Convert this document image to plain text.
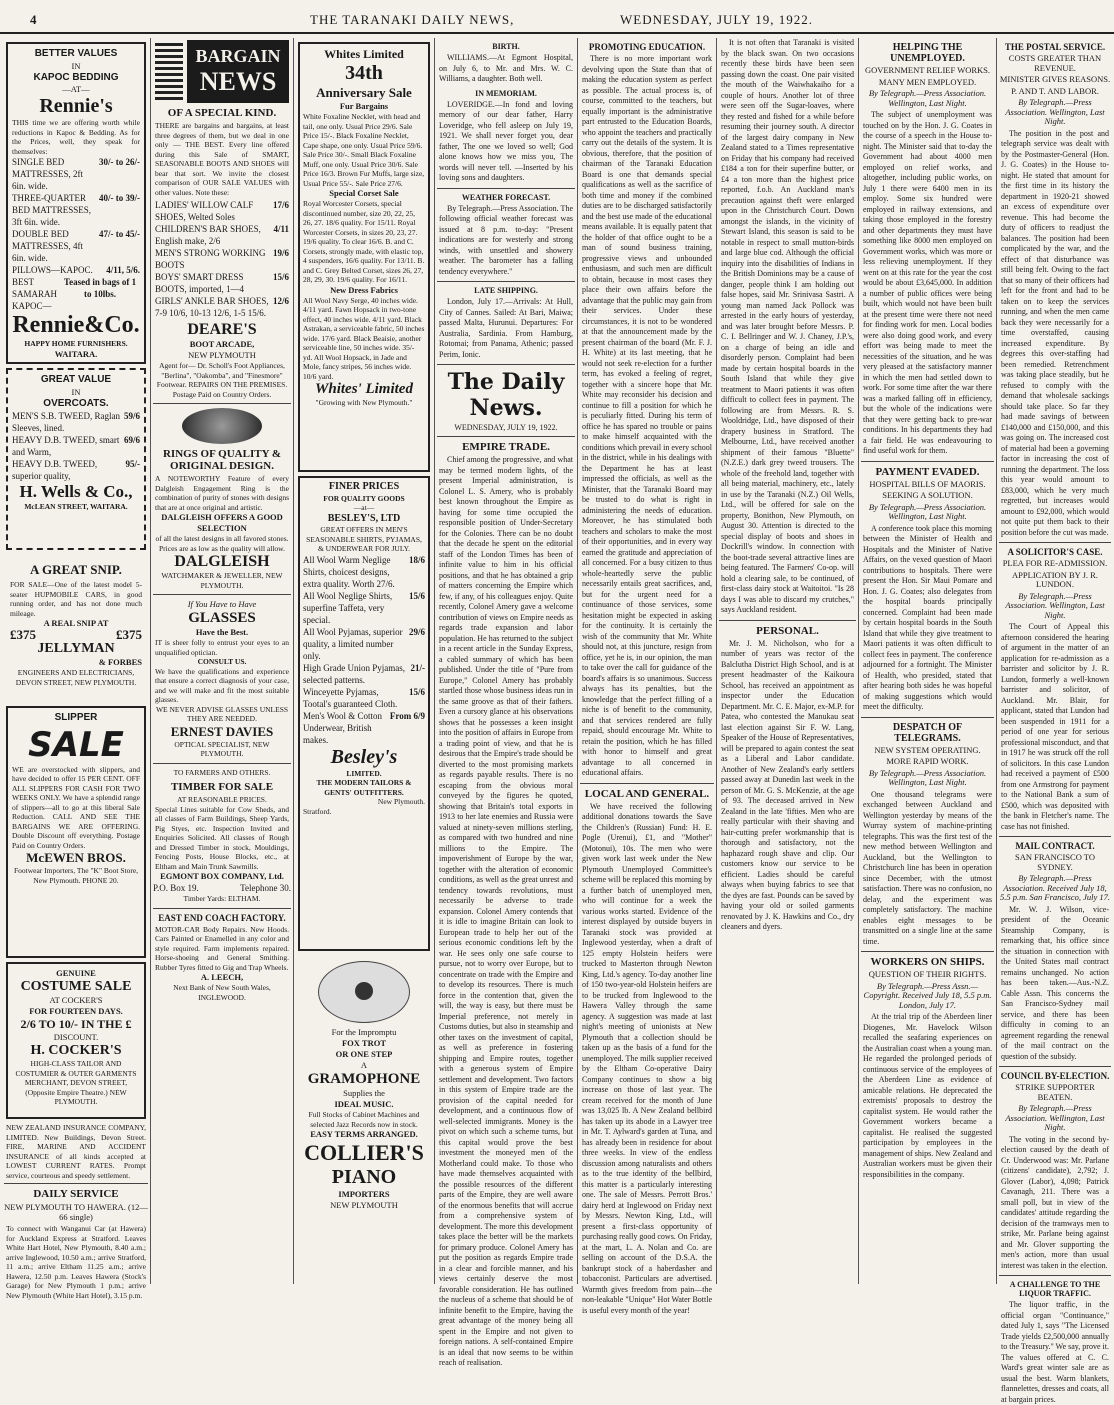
4	THE TARANAKI DAILY NEWS,	WEDNESDAY, JULY 19, 1922.
BETTER VALUES
IN
KAPOC BEDDING
—AT—
Rennie's
THIS time we are offering worth while reductions in Kapoc & Bedding. As for the Prices, well, they speak for themselves:
SINGLE BED MATTRESSES, 2ft 6in. wide.
30/- to 26/-
THREE-QUARTER BED MATTRESSES, 3ft 6in. wide.
40/- to 39/-
DOUBLE BED MATTRESSES, 4ft 6in. wide.
47/- to 45/-
PILLOWS—KAPOC.	4/11, 5/6.
BEST SAMARAH KAPOC—
Teased in bags of 1 to 10lbs.
Rennie&Co.
HAPPY HOME FURNISHERS.
WAITARA.
GREAT VALUE
IN
OVERCOATS.
MEN'S S.B. TWEED, Raglan Sleeves, lined.
59/6
HEAVY D.B. TWEED, smart and Warm,
69/6
HEAVY D.B. TWEED, superior quality,
95/-
H. Wells & Co.,
McLEAN STREET, WAITARA.
A GREAT SNIP.
FOR SALE—One of the latest model 5-seater HUPMOBILE CARS, in good running order, and has not done much mileage.
A REAL SNIP AT
£375	£375
JELLYMAN
& FORBES
ENGINEERS AND ELECTRICIANS, DEVON STREET, NEW PLYMOUTH.
SLIPPER
SALE
WE are overstocked with slippers, and have decided to offer 15 PER CENT. OFF ALL SLIPPERS FOR CASH FOR TWO WEEKS ONLY. We have a splendid range of slippers—all to go at this liberal Sale Reduction. CALL AND SEE THE BARGAINS WE ARE OFFERING. Double Discount off everything. Postage Paid on Country Orders.
McEWEN BROS.
Footwear Importers, The "K" Boot Store, New Plymouth. PHONE 20.
GENUINE
COSTUME SALE
AT COCKER'S
FOR FOURTEEN DAYS.
2/6 TO 10/- IN THE £
DISCOUNT.
H. COCKER'S
HIGH-CLASS TAILOR AND COSTUMIER & OUTER GARMENTS MERCHANT, DEVON STREET, (Opposite Empire Theatre.) NEW PLYMOUTH.
NEW ZEALAND INSURANCE COMPANY, LIMITED. New Buildings, Devon Street. FIRE, MARINE AND ACCIDENT INSURANCE of all kinds accepted at LOWEST CURRENT RATES. Prompt service, courteous and speedy settlement.
DAILY SERVICE
NEW PLYMOUTH TO HAWERA. (12—66 single)
To connect with Wanganui Car (at Hawera) for Auckland Express at Stratford. Leaves White Hart Hotel, New Plymouth, 8.40 a.m.; arrive Inglewood, 10.50 a.m.; arrive Stratford, 11 a.m.; arrive Eltham 11.25 a.m.; arrive Hawera, 12.50 p.m. Leaves Hawera (Stock's Garage) for New Plymouth 1 p.m.; arrive New Plymouth (White Hart Hotel), 3.15 p.m.
BARGAIN
NEWS
OF A SPECIAL KIND.
THERE are bargains and bargains, at least three degrees of them, but we deal in one only — THE BEST. Every line offered during this Sale of SMART, SEASONABLE BOOTS AND SHOES will bear that sort. We invite the closest comparison of OUR SALE VALUES with other values. Note these:
LADIES' WILLOW CALF SHOES, Welted Soles
17/6
CHILDREN'S BAR SHOES, English make, 2/6
4/11
MEN'S STRONG WORKING BOOTS
19/6
BOYS' SMART DRESS BOOTS, imported, 1—4
15/6
GIRLS' ANKLE BAR SHOES, 7-9 10/6, 10-13 12/6, 1-5 15/6.
12/6
DEARE'S
BOOT ARCADE,
NEW PLYMOUTH
Agent for— Dr. Scholl's Foot Appliances, "Berlina", "Oakomba", and "Finesmore" Footwear. REPAIRS ON THE PREMISES. Postage Paid on Country Orders.
RINGS OF QUALITY & ORIGINAL DESIGN.
A NOTEWORTHY Feature of every Dalgleish Engagement Ring is the combination of purity of stones with designs that are at once original and artistic.
DALGLEISH OFFERS A GOOD SELECTION
of all the latest designs in all favored stones.
Prices are as low as the quality will allow.
DALGLEISH
WATCHMAKER & JEWELLER, NEW PLYMOUTH.
If You Have to Have
GLASSES
Have the Best.
IT is sheer folly to entrust your eyes to an unqualified optician.
CONSULT US.
We have the qualifications and experience that ensure a correct diagnosis of your case, and we will make and fit the most suitable glasses.
WE NEVER ADVISE GLASSES UNLESS THEY ARE NEEDED.
ERNEST DAVIES
OPTICAL SPECIALIST, NEW PLYMOUTH.
TO FARMERS AND OTHERS.
TIMBER FOR SALE
AT REASONABLE PRICES.
Special Lines suitable for Cow Sheds, and all classes of Farm Buildings, Sheep Yards, Pig Styes, etc. Inspection Invited and Enquiries Solicited. All classes of Rough and Dressed Timber in stock, Mouldings, Fencing Posts, House Blocks, etc., at Eltham and Main Trunk Sawmills.
EGMONT BOX COMPANY, Ltd.
P.O. Box 19.	Telephone 30.
Timber Yards: ELTHAM.
EAST END COACH FACTORY.
MOTOR-CAR Body Repairs. New Hoods. Cars Painted or Enamelled in any color and style required. Farm implements repaired. Horse-shoeing and General Smithing. Rubber Tyres fitted to Gig and Trap Wheels.
A. LEECH,
Next Bank of New South Wales, INGLEWOOD.
Whites Limited
34th
Anniversary Sale
Fur Bargains
White Foxaline Necklet, with head and tail, one only. Usual Price 29/6. Sale Price 15/-. Black Foxaline Necklet, Cape shape, one only. Usual Price 59/6. Sale Price 30/-. Small Black Foxaline Muff, one only. Usual Price 30/6. Sale Price 16/3. Brown Fur Muffs, large size, Usual Price 55/-. Sale Price 27/6.
Special Corset Sale
Royal Worcester Corsets, special discontinued number, size 20, 22, 25, 26, 27. 18/6 quality. For 15/11. Royal Worcester Corsets, in sizes 20, 23, 27. 19/6 quality. To clear 16/6. B. and C. Corsets, strongly made, with elastic top, 4 suspenders, 16/6 quality. For 13/11. B. and C. Grey Belted Corset, sizes 26, 27, 28, 29, 30. 19/6 quality. For 16/11.
New Dress Fabrics
All Wool Navy Serge, 40 inches wide. 4/11 yard. Fawn Hopsack in two-tone effect, 40 inches wide. 4/11 yard. Black Astrakan, a serviceable fabric, 50 inches wide. 17/6 yard. Black Beaisie, another serviceable line, 50 inches wide. 35/- yd. All Wool Hopsack, in Jade and Mole, fancy stripes, 56 inches wide. 10/6 yard.
Whites' Limited
"Growing with New Plymouth."
FINER PRICES
FOR QUALITY GOODS
—at—
BESLEY'S, LTD
GREAT OFFERS IN MEN'S SEASONABLE SHIRTS, PYJAMAS, & UNDERWEAR FOR JULY.
All Wool Warm Neglige Shirts, choicest designs, extra quality. Worth 27/6.
18/6
All Wool Neglige Shirts, superfine Taffeta, very special.
15/6
All Wool Pyjamas, superior quality, a limited number only.
29/6
High Grade Union Pyjamas, selected patterns.
21/-
Winceyette Pyjamas, Tootal's guaranteed Cloth.
15/6
Men's Wool & Cotton Underwear, British makes.
From 6/9
Besley's
LIMITED.
THE MODERN TAILORS & GENTS' OUTFITTERS.
New Plymouth.
Stratford.
For the Impromptu
FOX TROT
OR ONE STEP
A
GRAMOPHONE
Supplies the
IDEAL MUSIC.
Full Stocks of Cabinet Machines and selected Jazz Records now in stock.
EASY TERMS ARRANGED.
COLLIER'S
PIANO
IMPORTERS
NEW PLYMOUTH
BIRTH.
WILLIAMS.—At Egmont Hospital, on July 6, to Mr. and Mrs. W. C. Williams, a daughter. Both well.
IN MEMORIAM.
LOVERIDGE.—In fond and loving memory of our dear father, Harry Loveridge, who fell asleep on July 19, 1921. We shall never forget you, dear father, The one we loved so well; God alone knows how we miss you, The words will never tell. —Inserted by his loving sons and daughters.
WEATHER FORECAST.
By Telegraph.—Press Association. The following official weather forecast was issued at 8 p.m. to-day: "Present indications are for westerly and strong winds, with unsettled and showery weather. The barometer has a falling tendency everywhere."
LATE SHIPPING.
London, July 17.—Arrivals: At Hull, City of Cannes. Sailed: At Bari, Maiwa; passed Malta, Hurunui. Departures: For Australia, Sardinia. From Hamburg, Rotomai; from Panama, Athenic; passed Perim, Ionic.
The Daily News.
WEDNESDAY, JULY 19, 1922.
EMPIRE TRADE.
Chief among the progressive, and what may be termed modern lights, of the present Imperial administration, is Colonel L. S. Amery, who is probably best known throughout the Empire as having for some time occupied the responsible position of Under-Secretary for the Colonies. There can be no doubt that the decade he spent on the editorial staff of the London Times has been of infinite value to him in his official positions, and that he has obtained a grip of matters concerning the Empire which few, if any, of his colleagues enjoy. Quite recently, Colonel Amery gave a welcome contribution of views on Empire needs as regards trade expansion and labor population. He has returned to the subject in a recent article in the Sunday Express, a cabled summary of which has been published. Under the title of "Pure from Europe," Colonel Amery has probably startled those whose business ideas run in the same groove as that of their fathers. Even a cursory glance at his observations shows that he possesses a keen insight into the position of affairs in Europe from a trading point of view, and that he is desirous that the Empire's trade should be diverted to the most promising markets as regards payable results. There is no escaping from the obvious moral conveyed by the figures he quoted, showing that Britain's total exports in 1913 to her late enemies and Russia were valued at ninety-seven millions sterling, as compared with two hundred and nine millions to the Empire. The impoverishment of Europe by the war, together with the alteration of economic conditions, as well as the great unrest and tendency towards revolutions, must necessarily be adverse to trade expansion. Colonel Amery contends that it is idle to imagine Britain can look to European trade to help her out of the serious economic conditions left by the war. He sees only one safe course to pursue, not to worry over Europe, but to concentrate on trade with the Empire and to develop its resources. There is much force in the contention that, given the will, the way is easy, but there must be Imperial preference, not merely in Customs duties, but also in steamship and other taxes on the investment of capital, as well as preference in fostering shipping and Empire routes, together with a generous system of Empire settlement and development. Two factors in this system of Empire trade are the provision of the capital needed for development, and a continuous flow of well-selected immigrants. Money is the pivot on which such a scheme turns, but this capital would prove the best investment the moneyed men of the Motherland could make. To those who have made themselves acquainted with the possible resources of the different parts of the Empire, they are well aware of the enormous benefits that will accrue from a comprehensive system of development. The more this development takes place the better will be the markets for primary produce. Colonel Amery has put the position as regards Empire trade in a clear and forcible manner, and his views certainly deserve the most favorable consideration. He has outlined the nucleus of a scheme that should be of infinite benefit to the Empire, having the great advantage of the money being all spent in the Empire and not given to foreign nations. A self-contained Empire is an ideal that now seems to be within reach of realisation.
PROMOTING EDUCATION.
There is no more important work devolving upon the State than that of making the education system as perfect as possible. The actual process is, of course, committed to the teachers, but equally important is the administrative part entrusted to the Education Boards, who appoint the teachers and practically carry out the details of the system. It is obvious, therefore, that the position of chairman of the Taranaki Education Board is one that demands special qualifications as well as the sacrifice of both time and money if the combined duties are to be discharged satisfactorily and the best use made of the educational means available. It is equally patent that the holder of that office ought to be a man of sound business training, progressive views and unbounded enthusiasm, and such men are difficult to obtain, because in most cases they place their own affairs before the advantage that the public may gain from their services. Under these circumstances, it is not to be wondered at that the announcement made by the present chairman of the board (Mr. F. J. H. White) at its last meeting, that he would not seek re-election for a further term, has evoked a feeling of regret, together with a sincere hope that Mr. White may reconsider his decision and continue to fill a position for which he is peculiarly fitted. During his term of office he has spared no trouble or pains to make himself acquainted with the conditions which prevail in every school in the district, while in his dealings with the Department he has at least impressed the officials, as well as the Minister, that the Taranaki Board may be trusted to do what is right in administering the needs of education. Moreover, he has stimulated both teachers and scholars to make the most of their opportunities, and in every way earned the gratitude and appreciation of all concerned. For a busy citizen to thus whole-heartedly serve the public necessarily entails great sacrifices, and, but for the urgent need for a continuance of those services, some hesitation might be expected in asking for the continuity. It is certainly the wish of the community that Mr. White should not, at this juncture, resign from office, yet he is, in our opinion, the man to take over the call for guidance of the board's affairs is so unanimous. Success always has its penalties, but the knowledge that the perfect filling of a niche is of benefit to the community, and that services rendered are fully repaid, should encourage Mr. White to retain the position, which he has filled with honor to himself and great advantage to all concerned in educational affairs.
LOCAL AND GENERAL.
We have received the following additional donations towards the Save the Children's (Russian) Fund: H. E. Pogle (Urenui), £1, and "Mother" (Motonui), 10s. The men who were given work last week under the New Plymouth Unemployed Committee's scheme will be replaced this morning by a further batch of unemployed men, who will continue for a week the various works started. Evidence of the interest displayed by outside buyers in Taranaki stock was provided at Inglewood yesterday, when a draft of 125 empty Holstein heifers were trucked to Masterton through Newton King, Ltd.'s agency. To-day another line of 150 two-year-old Holstein heifers are to be trucked from Inglewood to the Hawera Valley through the same agency. A suggestion was made at last night's meeting of unionists at New Plymouth that a collection should be taken up as the basis of a fund for the unemployed. The milk supplier received by the Eltham Co-operative Dairy Company continues to show a big increase on those of last year. The cream received for the month of June was 13,025 lb. A New Zealand bellbird has taken up its abode in a Lawyer tree in Mr. T. Aylward's garden at Tuna, and has already been in residence for about three weeks. In view of the endless discussion among naturalists and others as to the true identity of the bellbird, this matter is a particularly interesting one. The sale of Messrs. Perrott Bros.' dairy herd at Inglewood on Friday next by Messrs. Newton King, Ltd., will present a first-class opportunity of purchasing really good cows. On Friday, at the mart, L. A. Nolan and Co. are selling on account of the D.S.A. the bankrupt stock of a haberdasher and tobacconist. Particulars are advertised. Warmth gives freedom from pain—the non-leakable "Unique" Hot Water Bottle is useful every month of the year!
It is not often that Taranaki is visited by the black swan. On two occasions recently these birds have been seen passing down the coast. One pair visited the mouth of the Waiwhakaiho for a couple of hours. Another lot of three were seen off the Sugar-loaves, where they rested and fished for a while before resuming their journey south. A director of the largest dairy company in New Zealand stated to a Times representative on Friday that his company had received £184 a ton for their superfine butter, or £4 a ton more than the highest price reported, f.o.b. An Auckland man's precaution against theft were enlarged upon in the Christchurch Court. Down amongst the islands, in the vicinity of Stewart Island, this season is said to be notable in respect to small mutton-birds and large blue cod. Although the official inquiry into the disabilities of Indians in the British Dominions may be a cause of danger, people think I am holding out false hopes, said Mr. Srinivasa Sastri. A young man named Jack Pollock was arrested in the early hours of yesterday, and was later brought before Messrs. P. C. I. Bellringer and W. J. Chaney, J.P.'s, on a charge of being an idle and disorderly person. Complaint had been made by certain hospital boards in the South Island that while they give treatment to Maori patients it was often difficult to collect fees in payment. The following are from Messrs. R. S. Wooldridge, Ltd., have disposed of their drapery business in Stratford. The Melbourne, Ltd., have received another shipment of their famous "Bluette" (N.Z.E.) dark grey tweed trousers. The whole of the freehold land, together with all being material, machinery, etc., lately in use by the Taranaki (N.Z.) Oil Wells, Ltd., will be offered for sale on the property, Bonithon, New Plymouth, on August 30. Attention is directed to the special display of boots and shoes in Dockrill's window. In connection with the boot-trade several attractive lines are being featured. The Farmers' Co-op. will hold a clearing sale, to be continued, of first-class dairy stock at Waitoitoi. "Is 28 days I was able to discard my crutches," says Auckland resident.
PERSONAL.
Mr. J. M. Nicholson, who for a number of years was rector of the Balclutha District High School, and is at present headmaster of the Kaikoura School, has received an appointment as inspector under the Education Department. Mr. C. E. Major, ex-M.P. for Patea, who contested the Manukau seat last election against Sir F. W. Lang, Speaker of the House of Representatives, will be prepared to again contest the seat as a Liberal and Labor candidate. Another of New Zealand's early settlers passed away at Dunedin last week in the person of Mr. G. S. McKenzie, at the age of 93. The deceased arrived in New Zealand in the late 'fifties. Men who are really particular with their shaving and hair-cutting prefer workmanship that is thorough and satisfactory, not the haphazard rough shave and clip. Our customers know our service to be efficient. Ladies should be careful always when buying fabrics to see that the dyes are fast. Pounds can be saved by having your old or soiled garments renovated by J. K. Hawkins and Co., dry cleaners and dyers.
HELPING THE UNEMPLOYED.
GOVERNMENT RELIEF WORKS.
MANY MEN EMPLOYED.
By Telegraph.—Press Association. Wellington, Last Night.
The subject of unemployment was touched on by the Hon. J. G. Coates in the course of a speech in the House to-night. The Minister said that to-day the Government had about 4000 men employed on relief works, and altogether, including public works, on July 1 there were 6400 men in its employ. Some six hundred were employed in railway extensions, and taking those employed in the forestry and other departments they must have something like 8000 men employed on Government works, which was more or less relieving unemployment. If they went on at this rate for the year the cost would be about £3,645,000. In addition a number of public offices were being built, which would not have been built at the present time were there not need for finding work for men. Local bodies were also doing good work, and every effort was being made to meet the necessities of the situation, and he was very pleased at the satisfactory manner in which the men had settled down to work. For some time after the war there was a marked falling off in efficiency, but the whole of the indications were that they were getting back to pre-war conditions. In his departments they had a fair field. He was endeavouring to find useful work for them.
PAYMENT EVADED.
HOSPITAL BILLS OF MAORIS.
SEEKING A SOLUTION.
By Telegraph.—Press Association. Wellington, Last Night.
A conference took place this morning between the Minister of Health and Hospitals and the Minister of Native Affairs, on the vexed question of Maori contributions to hospitals. There were present the Hon. Sir Maui Pomare and Hon. J. G. Coates; also delegates from the hospital boards principally concerned. Complaint had been made by certain hospital boards in the South Island that while they give treatment to Maori patients it was often difficult to collect fees in payment. The conference adjourned for a fortnight. The Minister of Health, who presided, stated that after hearing both sides he was hopeful of making suggestions which would meet the difficulty.
DESPATCH OF TELEGRAMS.
NEW SYSTEM OPERATING.
MORE RAPID WORK.
By Telegraph.—Press Association. Wellington, Last Night.
One thousand telegrams were exchanged between Auckland and Wellington yesterday by means of the Wurray system of machine-printing telegraphs. This was the first test of the new method between Wellington and Auckland, but the Wellington to Christchurch line has been in operation since December, with the utmost satisfaction. There was no confusion, no delay, and the experiment was completely satisfactory. The machine enables eight messages to be transmitted on a single line at the same time.
WORKERS ON SHIPS.
QUESTION OF THEIR RIGHTS.
By Telegraph.—Press Assn.—Copyright. Received July 18, 5.5 p.m. London, July 17.
At the trial trip of the Aberdeen liner Diogenes, Mr. Havelock Wilson recalled the seafaring experiences on the Australian coast when a young man. He regarded the prolonged periods of continuous service of the employees of the Aberdeen Line as evidence of amicable relations. He deprecated the extremists' proposals to destroy the capitalist system. He would rather the Government workers became a capitalist. He realised the suggested participation by employees in the management of ships. New Zealand and Australian workers must be given their responsibilities in the company.
THE POSTAL SERVICE.
COSTS GREATER THAN REVENUE.
MINISTER GIVES REASONS.
P. AND T. AND LABOR.
By Telegraph.—Press Association. Wellington, Last Night.
The position in the post and telegraph service was dealt with by the Postmaster-General (Hon. J. G. Coates) in the House to-night. He stated that amount for the first time in its history the department in 1920-21 showed an excess of expenditure over revenue. This had become the duty of officers to readjust the balances. The position had been complicated by the war, and the effect of that disturbance was still being felt. Owing to the fact that so many of their officers had left for the front and had to be taken on to keep the services running, and when the men came back they were necessarily for a time overstaffed, causing increased expenditure. By degrees this over-staffing had been remedied. Retrenchment was taking place steadily, but he refused to comply with the demand that wholesale sackings should take place. So far they had made savings of between £140,000 and £150,000, and this was going on. The increased cost of material had been a governing factor in increasing the cost of running the department. The loss this year would amount to £83,000, which he very much regretted, but increases would amount to £92,000, which would not quite put them back to their position before the cut was made.
A SOLICITOR'S CASE.
PLEA FOR RE-ADMISSION.
APPLICATION BY J. R. LUNDON.
By Telegraph.—Press Association. Wellington, Last Night.
The Court of Appeal this afternoon considered the hearing of argument in the matter of an application for re-admission as a barrister and solicitor by J. R. Lundon, formerly a well-known barrister and solicitor, of Auckland. Mr. Blair, for applicant, stated that Lundon had been suspended in 1911 for a period of one year for serious professional misconduct, and that in 1917 he was struck off the roll of solicitors. In this case Lundon had received a payment of £500 from one Armstrong for payment to the National Bank a sum of £500, which was deposited with the bank in Fletcher's name. The case has not finished.
MAIL CONTRACT.
SAN FRANCISCO TO SYDNEY.
By Telegraph.—Press Association. Received July 18, 5.5 p.m. San Francisco, July 17.
Mr. W. J. Wilson, vice-president of the Oceanic Steamship Company, is remarking that, his office since the situation in connection with the United States mail contract remains unchanged. No action has been taken.—Aus.-N.Z. Cable Assn. This concerns the San Francisco-Sydney mail service, and there has been difficulty in coming to an agreement regarding the renewal of the mail contract on the question of the subsidy.
COUNCIL BY-ELECTION.
STRIKE SUPPORTER BEATEN.
By Telegraph.—Press Association. Wellington, Last Night.
The voting in the second by-election caused by the death of Cr. Underwood was: Mr. Parlane (citizens' candidate), 2,792; J. Glover (Labor), 4,098; Patrick Cavanagh, 211. There was a small poll, but in view of the candidates' attitude regarding the decision of the tramways men to strike, Mr. Parlane being against and Mr. Glover supporting the men's action, more than usual interest was taken in the election.
A CHALLENGE TO THE LIQUOR TRAFFIC.
The liquor traffic, in the official organ "Continuance," dated July 1, says "The Licensed Trade yields £2,500,000 annually to the Treasury." We say, prove it. The values offered at C. C. Ward's great winter sale are as usual the best. Warm blankets, flannelettes, dresses and coats, all at bargain prices.
